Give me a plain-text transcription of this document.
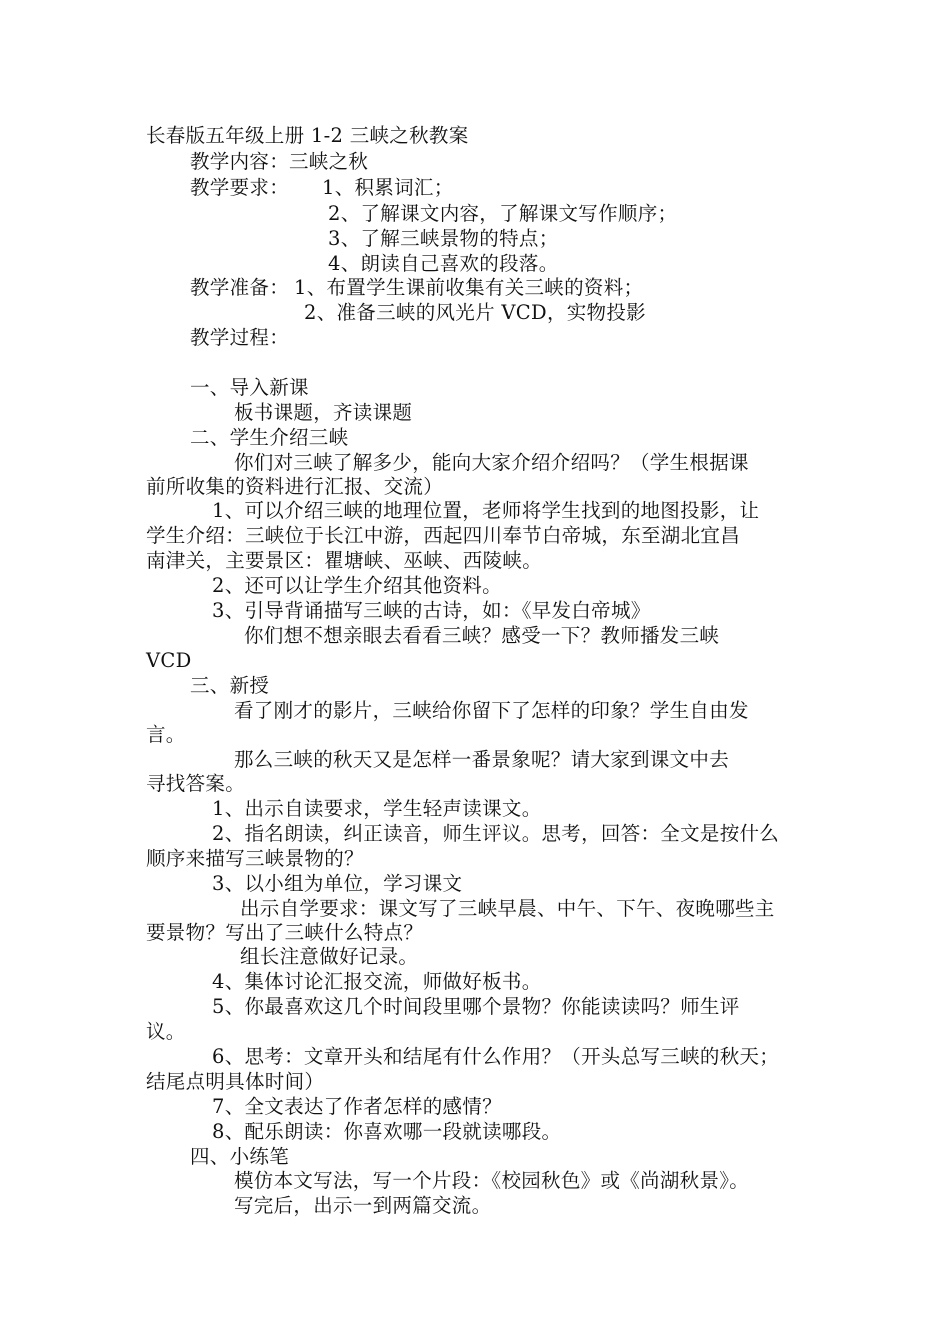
长春版五年级上册 1-2 三峡之秋教案

教学内容：三峡之秋

教学要求： 1、积累词汇；

2、了解课文内容，了解课文写作顺序；

3、了解三峡景物的特点；

4、朗读自己喜欢的段落。

教学准备： 1、布置学生课前收集有关三峡的资料；

2、准备三峡的风光片 VCD，实物投影

教学过程：

一、导入新课

板书课题，齐读课题

二、学生介绍三峡

你们对三峡了解多少，能向大家介绍介绍吗？（学生根据课

前所收集的资料进行汇报、交流）

1、可以介绍三峡的地理位置，老师将学生找到的地图投影，让

学生介绍：三峡位于长江中游，西起四川奉节白帝城，东至湖北宜昌

南津关，主要景区：瞿塘峡、巫峡、西陵峡。

2、还可以让学生介绍其他资料。

3、引导背诵描写三峡的古诗，如：《早发白帝城》

你们想不想亲眼去看看三峡？感受一下？教师播发三峡

VCD

三、新授

看了刚才的影片，三峡给你留下了怎样的印象？学生自由发

言。

那么三峡的秋天又是怎样一番景象呢？请大家到课文中去

寻找答案。

1、出示自读要求，学生轻声读课文。

2、指名朗读，纠正读音，师生评议。思考，回答：全文是按什么

顺序来描写三峡景物的？

3、以小组为单位，学习课文

出示自学要求：课文写了三峡早晨、中午、下午、夜晚哪些主

要景物？写出了三峡什么特点？

组长注意做好记录。

4、集体讨论汇报交流，师做好板书。

5、你最喜欢这几个时间段里哪个景物？你能读读吗？师生评

议。

6、思考：文章开头和结尾有什么作用？（开头总写三峡的秋天；

结尾点明具体时间）

7、全文表达了作者怎样的感情？

8、配乐朗读：你喜欢哪一段就读哪段。

四、小练笔

模仿本文写法，写一个片段：《校园秋色》或《尚湖秋景》。

写完后，出示一到两篇交流。
